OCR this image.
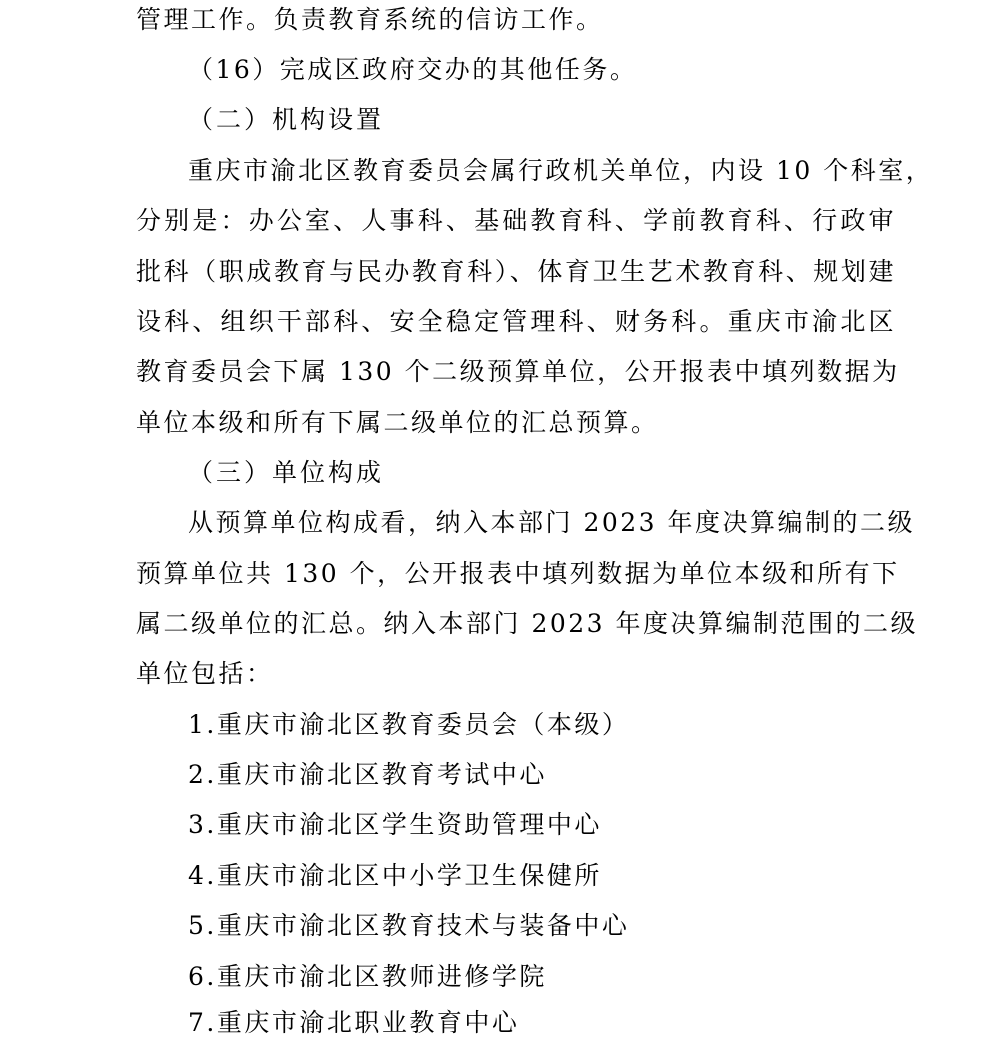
管理工作。负责教育系统的信访工作。
（16）完成区政府交办的其他任务。
（二）机构设置
重庆市渝北区教育委员会属行政机关单位，内设 10 个科室，
分别是：办公室、人事科、基础教育科、学前教育科、行政审
批科（职成教育与民办教育科）、体育卫生艺术教育科、规划建
设科、组织干部科、安全稳定管理科、财务科。重庆市渝北区
教育委员会下属 130 个二级预算单位，公开报表中填列数据为
单位本级和所有下属二级单位的汇总预算。
（三）单位构成
从预算单位构成看，纳入本部门 2023 年度决算编制的二级
预算单位共 130 个，公开报表中填列数据为单位本级和所有下
属二级单位的汇总。纳入本部门 2023 年度决算编制范围的二级
单位包括：
1.重庆市渝北区教育委员会（本级）
2.重庆市渝北区教育考试中心
3.重庆市渝北区学生资助管理中心
4.重庆市渝北区中小学卫生保健所
5.重庆市渝北区教育技术与装备中心
6.重庆市渝北区教师进修学院
7.重庆市渝北职业教育中心
